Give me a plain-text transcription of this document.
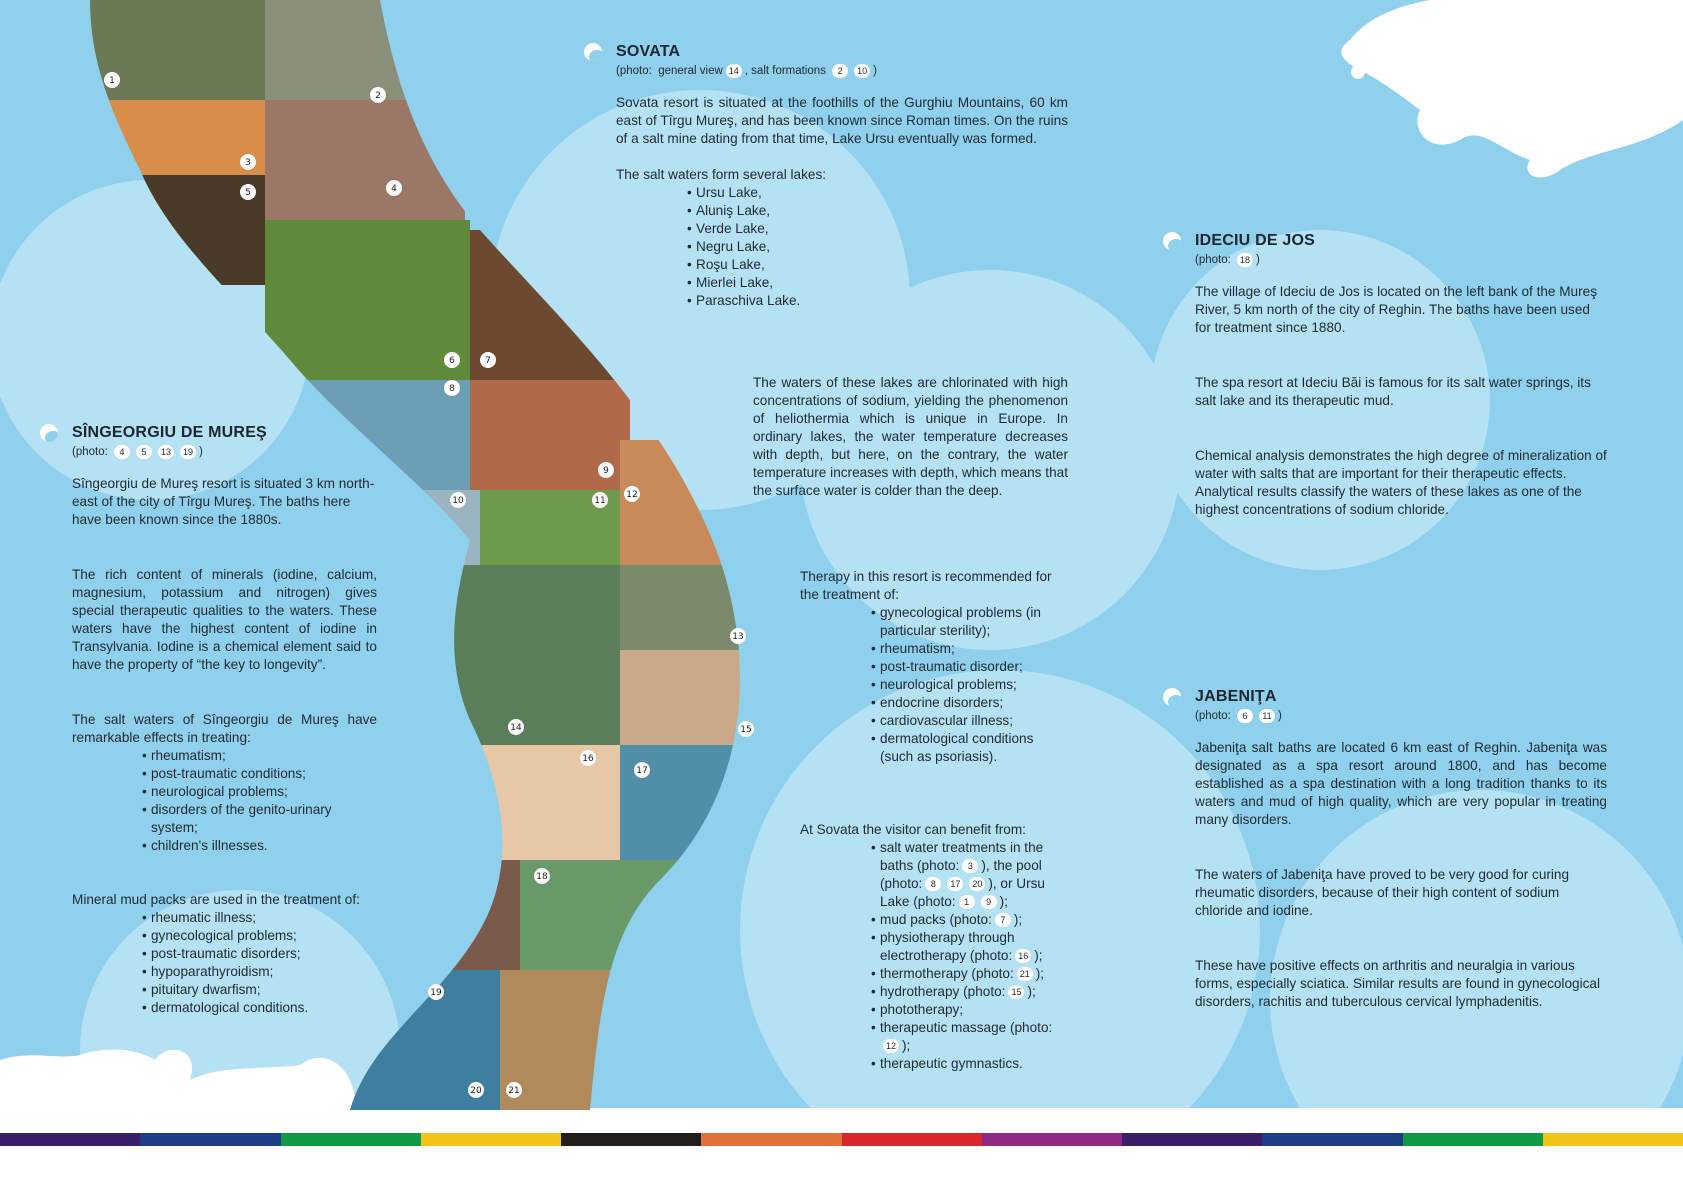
1
2
3
4
5
6	7
8
9
10	11
12
13
14	15
16
17
18
19
20	21
SÎNGEORGIU DE MUREŞ
(photo: 4 5 13 19 )

Sîngeorgiu de Mureş resort is situated 3 km north-east of the city of Tîrgu Mureş. The baths here have been known since the 1880s.

The rich content of minerals (iodine, calcium, magnesium, potassium and nitrogen) gives special therapeutic qualities to the waters. These waters have the highest content of iodine in Transylvania. Iodine is a chemical element said to have the property of “the key to longevity”.

The salt waters of Sîngeorgiu de Mureş have remarkable effects in treating:

• rheumatism;
• post-traumatic conditions;
• neurological problems;
• disorders of the genito-urinary system;
• children's illnesses.

Mineral mud packs are used in the treatment of:

• rheumatic illness;
• gynecological problems;
• post-traumatic disorders;
• hypoparathyroidism;
• pituitary dwarfism;
• dermatological conditions.
SOVATA
(photo: general view 14 , salt formations 2 10 )

Sovata resort is situated at the foothills of the Gurghiu Mountains, 60 km east of Tîrgu Mureş, and has been known since Roman times. On the ruins of a salt mine dating from that time, Lake Ursu eventually was formed.

The salt waters form several lakes:

• Ursu Lake,
• Aluniş Lake,
• Verde Lake,
• Negru Lake,
• Roşu Lake,
• Mierlei Lake,
• Paraschiva Lake.

The waters of these lakes are chlorinated with high concentrations of sodium, yielding the phenomenon of heliothermia which is unique in Europe. In ordinary lakes, the water temperature decreases with depth, but here, on the contrary, the water temperature increases with depth, which means that the surface water is colder than the deep.

Therapy in this resort is recommended for the treatment of:

• gynecological problems (in particular sterility);
• rheumatism;
• post-traumatic disorder;
• neurological problems;
• endocrine disorders;
• cardiovascular illness;
• dermatological conditions (such as psoriasis).

At Sovata the visitor can benefit from:

• salt water treatments in the baths (photo: 3 ), the pool (photo: 8 17 20 ), or Ursu Lake (photo: 1 9 );
• mud packs (photo: 7 );
• physiotherapy through electrotherapy (photo: 16 );
• thermotherapy (photo: 21 );
• hydrotherapy (photo: 15 );
• phototherapy;
• therapeutic massage (photo:12 );
• therapeutic gymnastics.
IDECIU DE JOS
(photo: 18 )

The village of Ideciu de Jos is located on the left bank of the Mureş River, 5 km north of the city of Reghin. The baths have been used for treatment since 1880.

The spa resort at Ideciu Băi is famous for its salt water springs, its salt lake and its therapeutic mud.

Chemical analysis demonstrates the high degree of mineralization of water with salts that are important for their therapeutic effects. Analytical results classify the waters of these lakes as one of the highest concentrations of sodium chloride.

JABENIŢA
(photo: 6 11 )

Jabeniţa salt baths are located 6 km east of Reghin. Jabeniţa was designated as a spa resort around 1800, and has become established as a spa destination with a long tradition thanks to its waters and mud of high quality, which are very popular in treating many disorders.

The waters of Jabeniţa have proved to be very good for curing rheumatic disorders, because of their high content of sodium chloride and iodine.

These have positive effects on arthritis and neuralgia in various forms, especially sciatica. Similar results are found in gynecological disorders, rachitis and tuberculous cervical lymphadenitis.
